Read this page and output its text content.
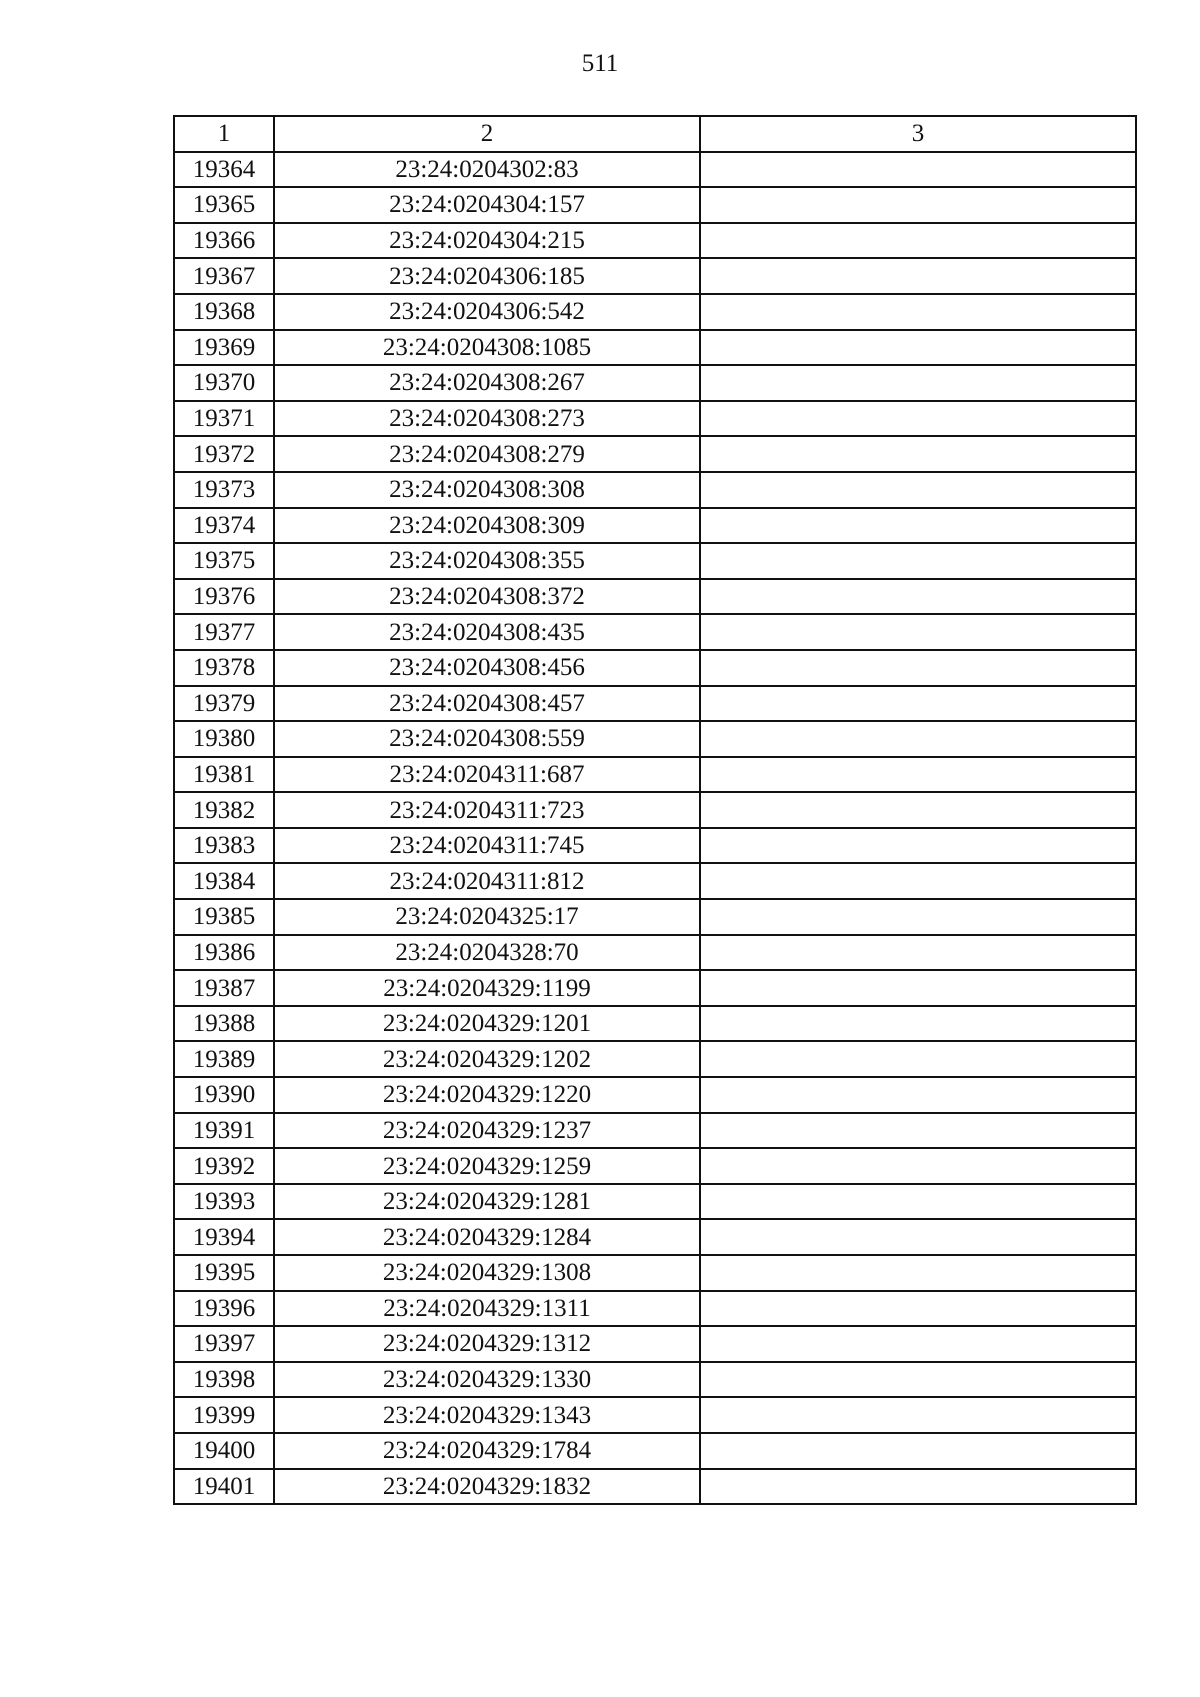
511
1	2	3
19364	23:24:0204302:83	
19365	23:24:0204304:157	
19366	23:24:0204304:215	
19367	23:24:0204306:185	
19368	23:24:0204306:542	
19369	23:24:0204308:1085	
19370	23:24:0204308:267	
19371	23:24:0204308:273	
19372	23:24:0204308:279	
19373	23:24:0204308:308	
19374	23:24:0204308:309	
19375	23:24:0204308:355	
19376	23:24:0204308:372	
19377	23:24:0204308:435	
19378	23:24:0204308:456	
19379	23:24:0204308:457	
19380	23:24:0204308:559	
19381	23:24:0204311:687	
19382	23:24:0204311:723	
19383	23:24:0204311:745	
19384	23:24:0204311:812	
19385	23:24:0204325:17	
19386	23:24:0204328:70	
19387	23:24:0204329:1199	
19388	23:24:0204329:1201	
19389	23:24:0204329:1202	
19390	23:24:0204329:1220	
19391	23:24:0204329:1237	
19392	23:24:0204329:1259	
19393	23:24:0204329:1281	
19394	23:24:0204329:1284	
19395	23:24:0204329:1308	
19396	23:24:0204329:1311	
19397	23:24:0204329:1312	
19398	23:24:0204329:1330	
19399	23:24:0204329:1343	
19400	23:24:0204329:1784	
19401	23:24:0204329:1832	
